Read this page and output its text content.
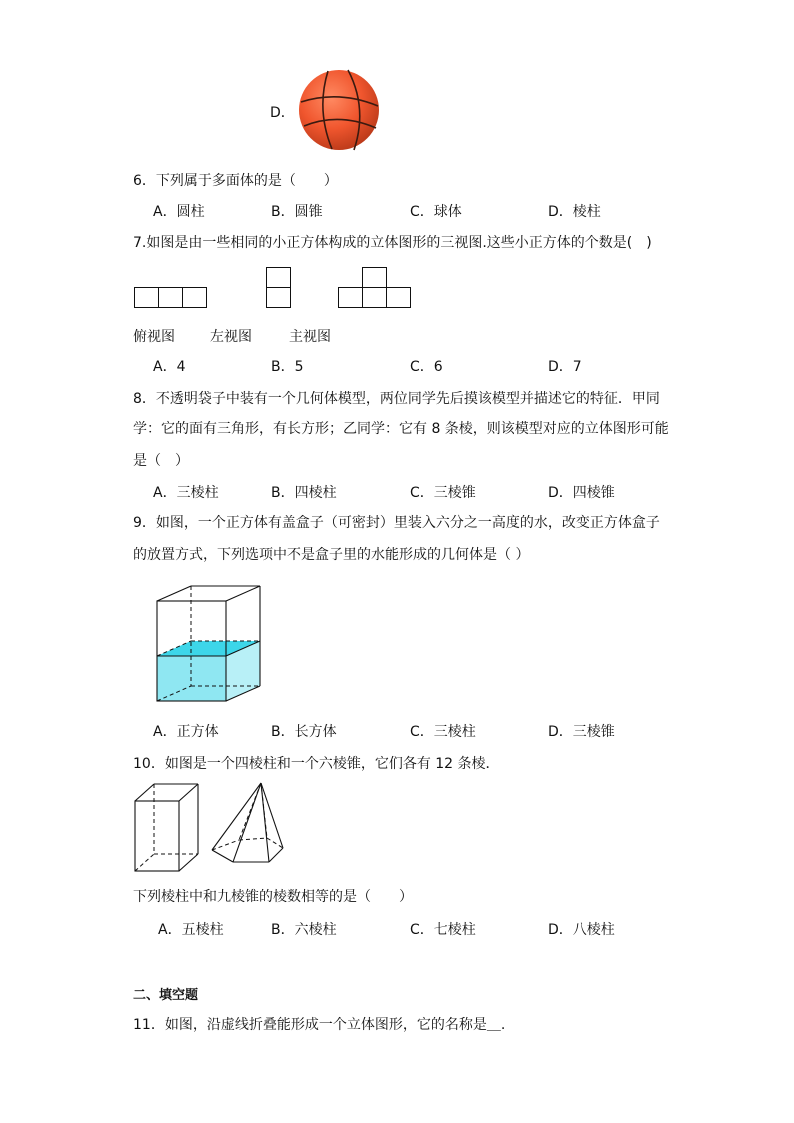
D．
6．下列属于多面体的是（　　）
A．圆柱	B．圆锥	C．球体	D．棱柱
7.如图是由一些相同的小正方体构成的立体图形的三视图.这些小正方体的个数是(　)
俯视图	左视图	主视图
A．4	B．5	C．6	D．7
8．不透明袋子中装有一个几何体模型，两位同学先后摸该模型并描述它的特征．甲同
学：它的面有三角形，有长方形；乙同学：它有 8 条棱，则该模型对应的立体图形可能
是（　）
A．三棱柱	B．四棱柱	C．三棱锥	D．四棱锥
9．如图，一个正方体有盖盒子（可密封）里装入六分之一高度的水，改变正方体盒子
的放置方式，下列选项中不是盒子里的水能形成的几何体是（ ）
A．正方体	B．长方体	C．三棱柱	D．三棱锥
10．如图是一个四棱柱和一个六棱锥，它们各有 12 条棱．
下列棱柱中和九棱锥的棱数相等的是（　　）
A．五棱柱	B．六棱柱	C．七棱柱	D．八棱柱
二、填空题
11．如图，沿虚线折叠能形成一个立体图形，它的名称是＿.
